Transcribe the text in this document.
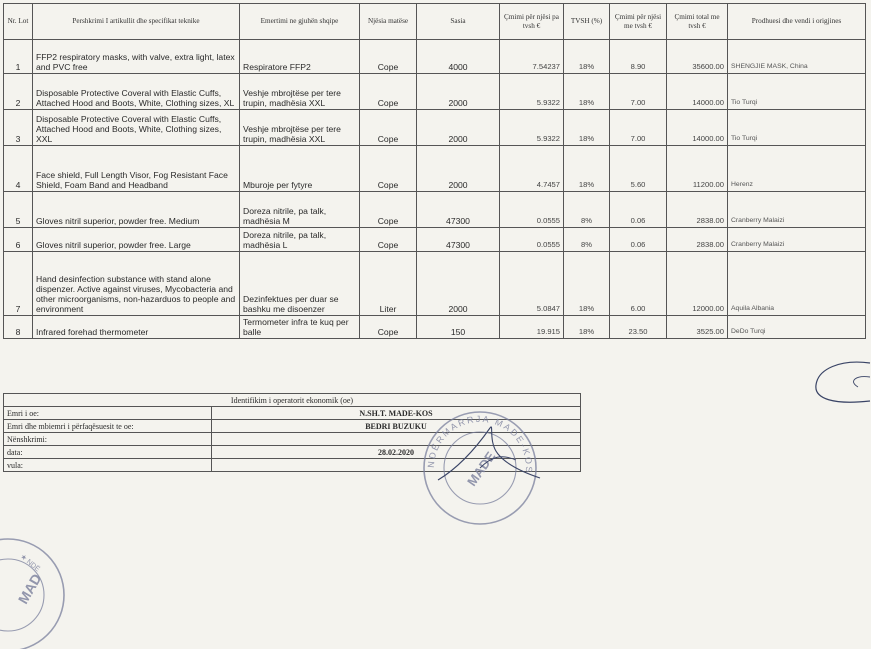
Nr. Lot	Pershkrimi I artikullit dhe specifikat teknike	Emertimi ne gjuhën shqipe	Njësia matëse	Sasia	Çmimi për njësi pa tvsh €	TVSH (%)	Çmimi për njësi me tvsh €	Çmimi total me tvsh €	Prodhuesi dhe vendi i origjines
1	FFP2 respiratory masks, with valve, extra light, latex and PVC free	Respiratore FFP2	Cope	4000	7.54237	18%	8.90	35600.00	SHENGJIE MASK, China
2	Disposable Protective Coveral with Elastic Cuffs, Attached Hood and Boots, White, Clothing sizes, XL	Veshje mbrojtëse per tere trupin, madhësia XXL	Cope	2000	5.9322	18%	7.00	14000.00	Tio Turqi
3	Disposable Protective Coveral with Elastic Cuffs, Attached Hood and Boots, White, Clothing sizes, XXL	Veshje mbrojtëse per tere trupin, madhësia XXL	Cope	2000	5.9322	18%	7.00	14000.00	Tio Turqi
4	Face shield, Full Length Visor, Fog Resistant Face Shield, Foam Band and Headband	Mburoje per fytyre	Cope	2000	4.7457	18%	5.60	11200.00	Herenz
5	Gloves nitril superior, powder free. Medium	Doreza nitrile, pa talk, madhësia M	Cope	47300	0.0555	8%	0.06	2838.00	Cranberry Malaizi
6	Gloves nitril superior, powder free. Large	Doreza nitrile, pa talk, madhësia L	Cope	47300	0.0555	8%	0.06	2838.00	Cranberry Malaizi
7	Hand desinfection substance with stand alone dispenzer. Active against viruses, Mycobacteria and other microorganisms, non-hazarduos to people and environment	Dezinfektues per duar se bashku me disoenzer	Liter	2000	5.0847	18%	6.00	12000.00	Aquila Albania
8	Infrared forehad thermometer	Termometer infra te kuq per balle	Cope	150	19.915	18%	23.50	3525.00	DeDo Turqi
Identifikim i operatorit ekonomik (oe)	
Emri i oe:	N.SH.T. MADE-KOS
Emri dhe mbiemri i përfaqësuesit te oe:	BEDRI BUZUKU
Nënshkrimi:	
data:	28.02.2020
vula:		NDËRMARRJA MADE-KOS
MADE
MAD
★ NDË
